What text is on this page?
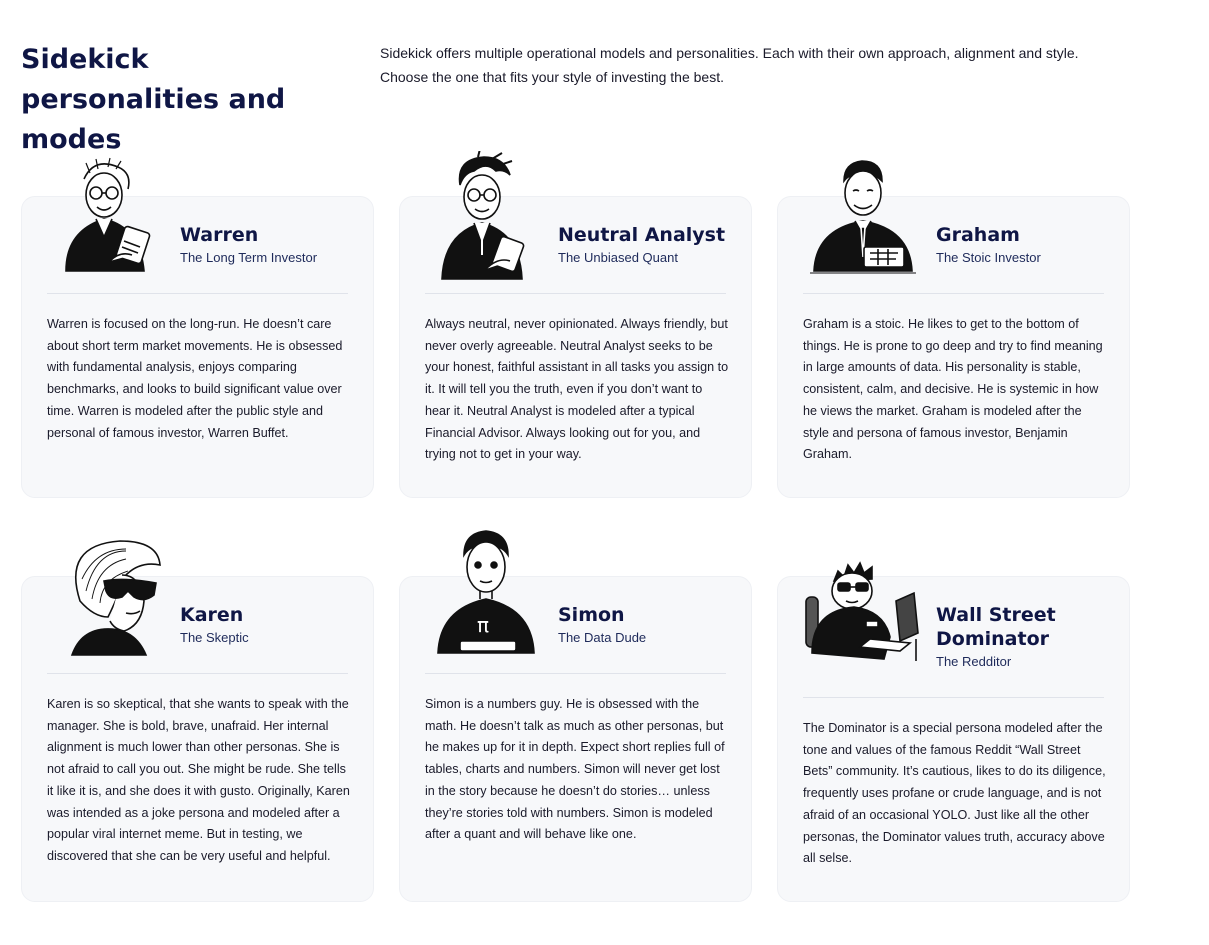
Sidekick personalities and modes

Sidekick offers multiple operational models and personalities. Each with their own approach, alignment and style. Choose the one that fits your style of investing the best.

Warren
The Long Term Investor
Warren is focused on the long-run. He doesn’t care about short term market movements. He is obsessed with fundamental analysis, enjoys comparing benchmarks, and looks to build significant value over time. Warren is modeled after the public style and personal of famous investor, Warren Buffet.
Neutral Analyst
The Unbiased Quant
Always neutral, never opinionated. Always friendly, but never overly agreeable. Neutral Analyst seeks to be your honest, faithful assistant in all tasks you assign to it. It will tell you the truth, even if you don’t want to hear it. Neutral Analyst is modeled after a typical Financial Advisor. Always looking out for you, and trying not to get in your way.
Graham
The Stoic Investor
Graham is a stoic. He likes to get to the bottom of things. He is prone to go deep and try to find meaning in large amounts of data. His personality is stable, consistent, calm, and decisive. He is systemic in how he views the market. Graham is modeled after the style and persona of famous investor, Benjamin Graham.
Karen
The Skeptic
Karen is so skeptical, that she wants to speak with the manager. She is bold, brave, unafraid. Her internal alignment is much lower than other personas. She is not afraid to call you out. She might be rude. She tells it like it is, and she does it with gusto. Originally, Karen was intended as a joke persona and modeled after a popular viral internet meme. But in testing, we discovered that she can be very useful and helpful.
π	Simon
The Data Dude
Simon is a numbers guy. He is obsessed with the math. He doesn’t talk as much as other personas, but he makes up for it in depth. Expect short replies full of tables, charts and numbers. Simon will never get lost in the story because he doesn’t do stories… unless they’re stories told with numbers. Simon is modeled after a quant and will behave like one.
Wall Street Dominator
The Redditor
The Dominator is a special persona modeled after the tone and values of the famous Reddit “Wall Street Bets” community. It’s cautious, likes to do its diligence, frequently uses profane or crude language, and is not afraid of an occasional YOLO. Just like all the other personas, the Dominator values truth, accuracy above all selse.
